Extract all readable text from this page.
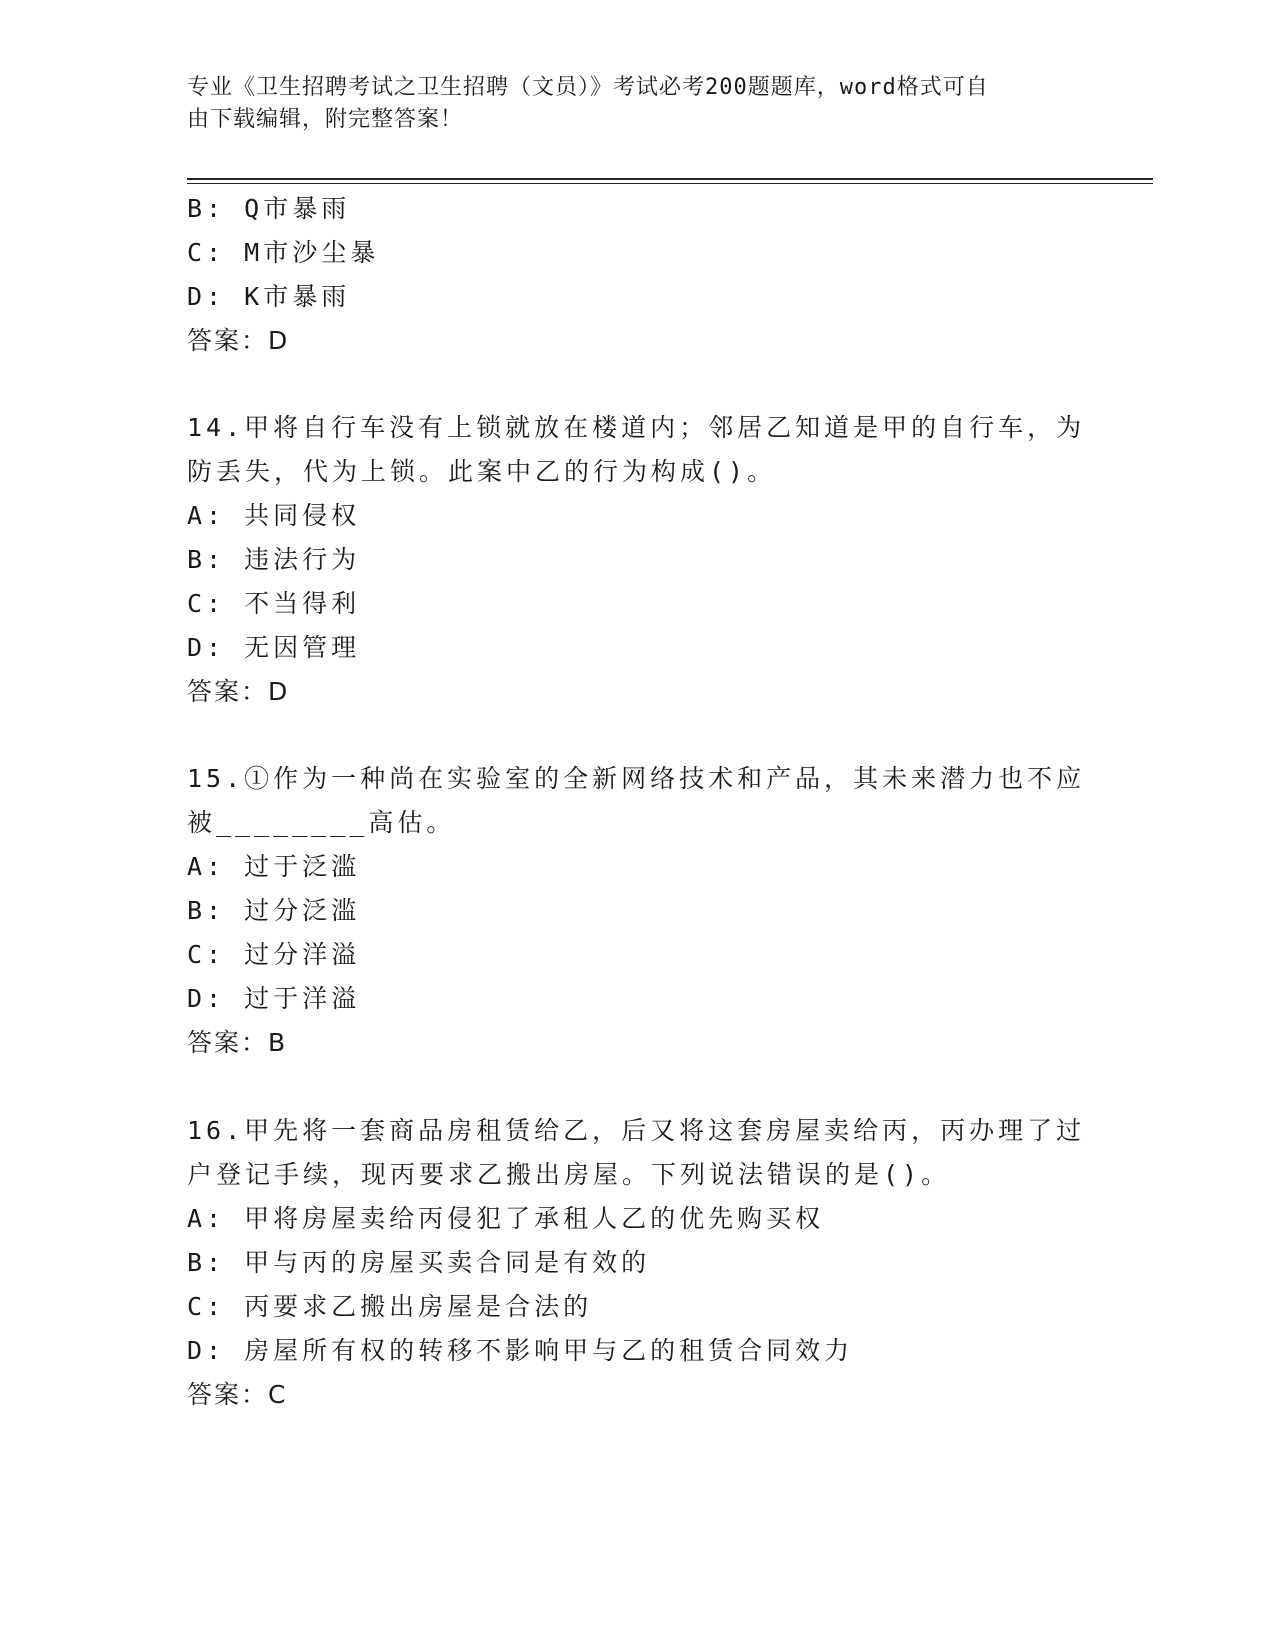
专业《卫生招聘考试之卫生招聘（文员）》考试必考200题题库，word格式可自
由下载编辑，附完整答案！
B: Q市暴雨
C: M市沙尘暴
D: K市暴雨
答案：D
14.甲将自行车没有上锁就放在楼道内；邻居乙知道是甲的自行车，为
防丢失，代为上锁。此案中乙的行为构成()。
A: 共同侵权
B: 违法行为
C: 不当得利
D: 无因管理
答案：D
15.①作为一种尚在实验室的全新网络技术和产品，其未来潜力也不应
被________高估。
A: 过于泛滥
B: 过分泛滥
C: 过分洋溢
D: 过于洋溢
答案：B
16.甲先将一套商品房租赁给乙，后又将这套房屋卖给丙，丙办理了过
户登记手续，现丙要求乙搬出房屋。下列说法错误的是()。
A: 甲将房屋卖给丙侵犯了承租人乙的优先购买权
B: 甲与丙的房屋买卖合同是有效的
C: 丙要求乙搬出房屋是合法的
D: 房屋所有权的转移不影响甲与乙的租赁合同效力
答案：C
